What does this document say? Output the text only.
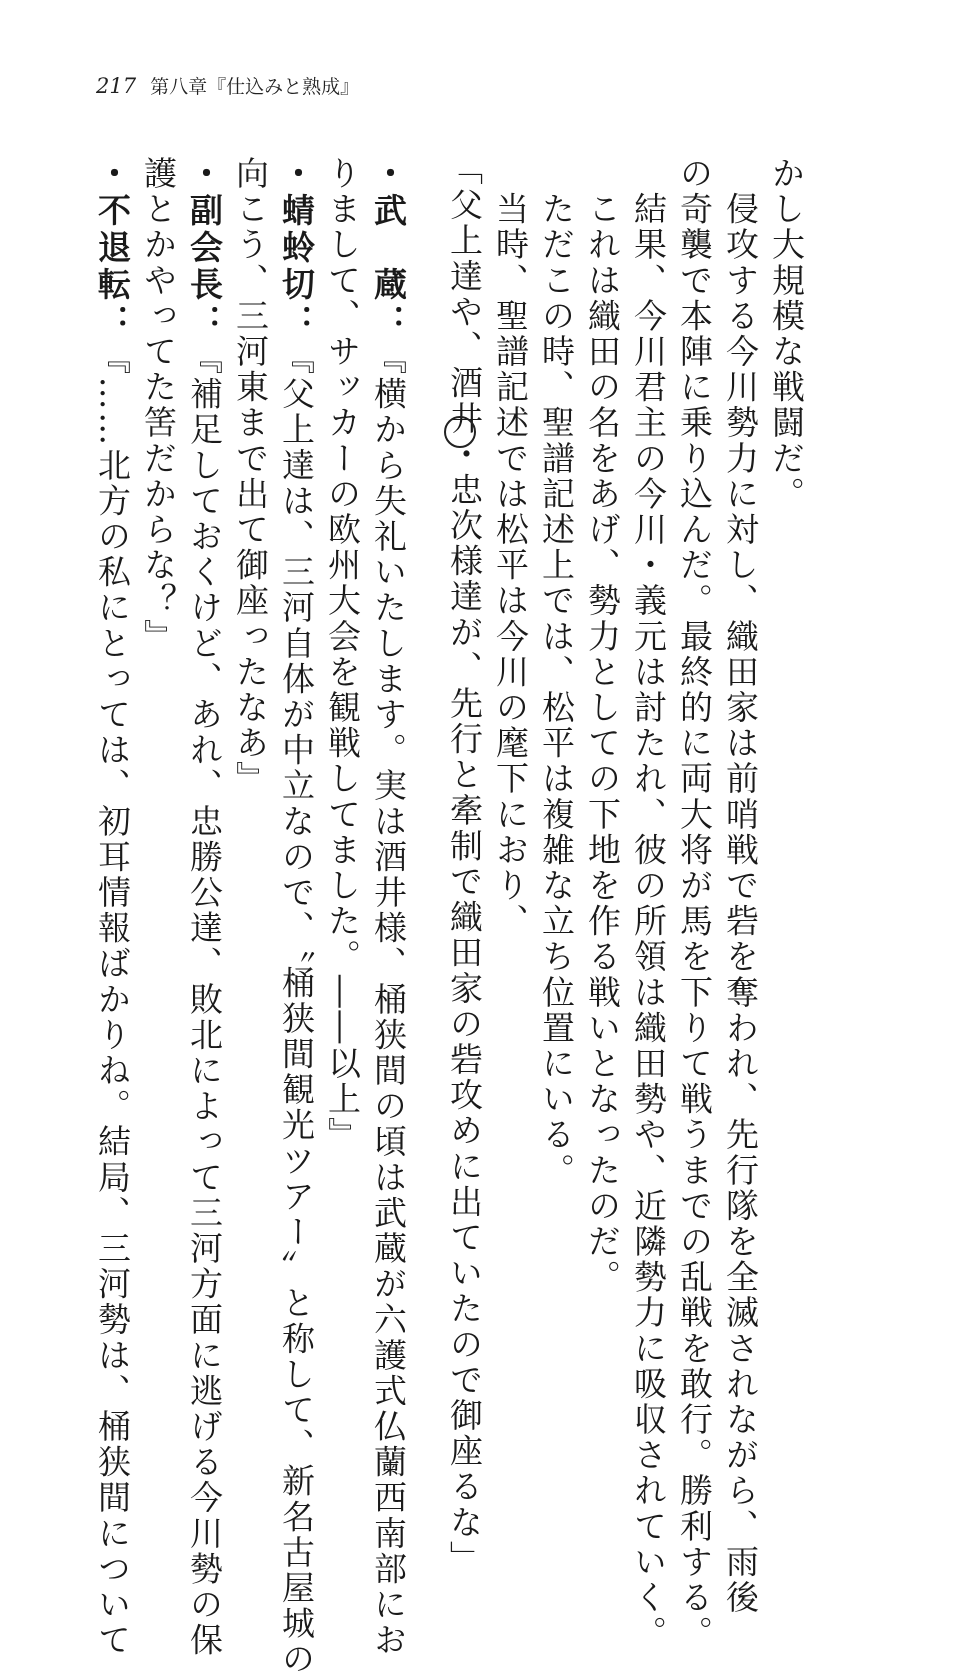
217 第八章『仕込みと熟成』
かし大規模な戦闘だ。
　侵攻する今川勢力に対し、織田家は前哨戦で砦を奪われ、先行隊を全滅されながら、雨後
の奇襲で本陣に乗り込んだ。最終的に両大将が馬を下りて戦うまでの乱戦を敢行。勝利する。
　結果、今川君主の今川・義元は討たれ、彼の所領は織田勢や、近隣勢力に吸収されていく。
　これは織田の名をあげ、勢力としての下地を作る戦いとなったのだ。
　ただこの時、聖譜記述上では、松平は複雑な立ち位置にいる。
　当時、聖譜記述では松平は今川の麾下におり、
「父上達や、酒井・忠次様達が、先行と牽制で織田家の砦攻めに出ていたので御座るな」
・武　蔵：『横から失礼いたします。実は酒井様、桶狭間の頃は武蔵が六護式仏蘭西南部にお
りまして、サッカーの欧州大会を観戦してました。――以上』
・蜻蛉切：『父上達は、三河自体が中立なので、〝桶狭間観光ツアー〟と称して、新名古屋城の
向こう、三河東まで出て御座ったなあ』
・副会長：『補足しておくけど、あれ、忠勝公達、敗北によって三河方面に逃げる今川勢の保
護とかやってた筈だからな？』
・不退転：『……北方の私にとっては、初耳情報ばかりね。結局、三河勢は、桶狭間について
